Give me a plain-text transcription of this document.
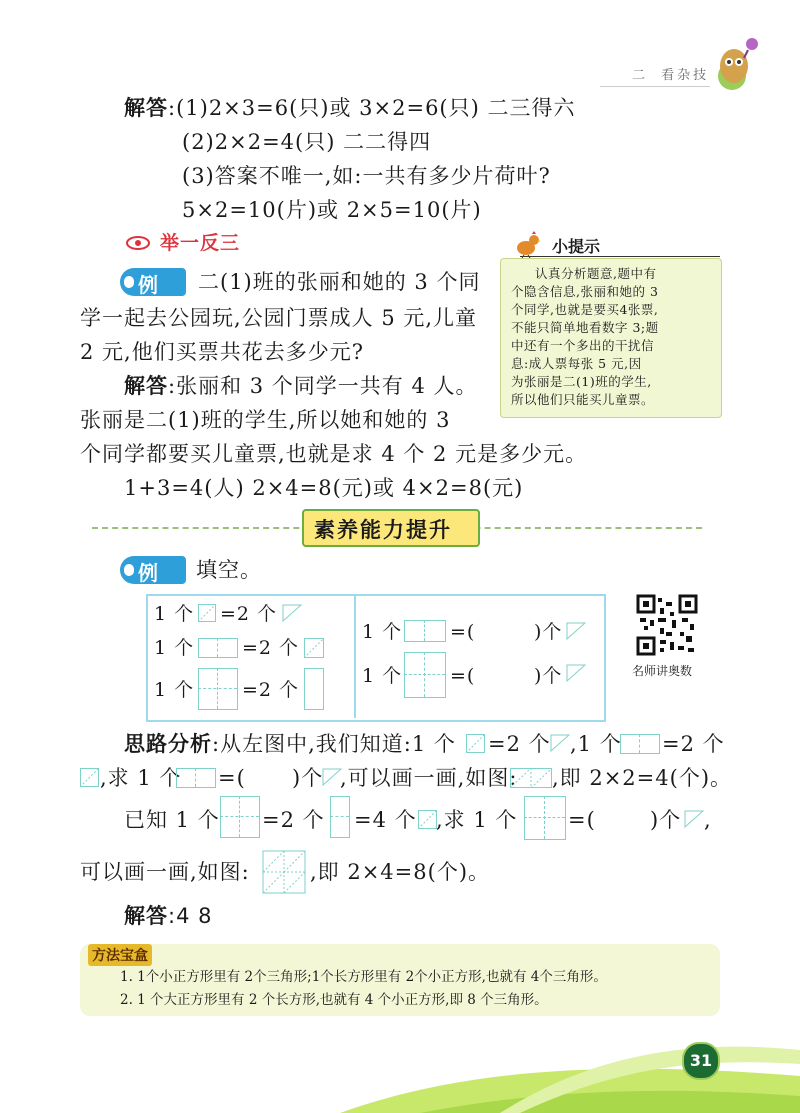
二 看杂技
解答:(1)2×3=6(只)或 3×2=6(只) 二三得六
(2)2×2=4(只) 二二得四
(3)答案不唯一,如:一共有多少片荷叶?
5×2=10(片)或 2×5=10(片)
举一反三	小提示
认真分析题意,题中有
个隐含信息,张丽和她的 3
个同学,也就是要买4张票,
不能只简单地看数字 3;题
中还有一个多出的干扰信
息:成人票每张 5 元,因
为张丽是二(1)班的学生,
所以他们只能买儿童票。
例 二(1)班的张丽和她的 3 个同
学一起去公园玩,公园门票成人 5 元,儿童
2 元,他们买票共花去多少元?
解答:张丽和 3 个同学一共有 4 人。
张丽是二(1)班的学生,所以她和她的 3
个同学都要买儿童票,也就是求 4 个 2 元是多少元。
1+3=4(人) 2×4=8(元)或 4×2=8(元)
素养能力提升
例 填空。
1 个 =2 个
1 个	=2 个
1 个	=2 个
1 个	=(	)个
1 个	=(	)个	名师讲奥数
思路分析:从左图中,我们知道:1 个 =2 个 ,1 个 =2 个
,求 1 个 =( )个 ,可以画一画,如图: ,即 2×2=4(个)。
已知 1 个 =2 个 =4 个 ,求 1 个 =(	)个 ,
可以画一画,如图:	,即 2×4=8(个)。
解答:4 8
方法宝盒
1. 1个小正方形里有 2个三角形;1个长方形里有 2个小正方形,也就有 4个三角形。
2. 1 个大正方形里有 2 个长方形,也就有 4 个小正方形,即 8 个三角形。
31
